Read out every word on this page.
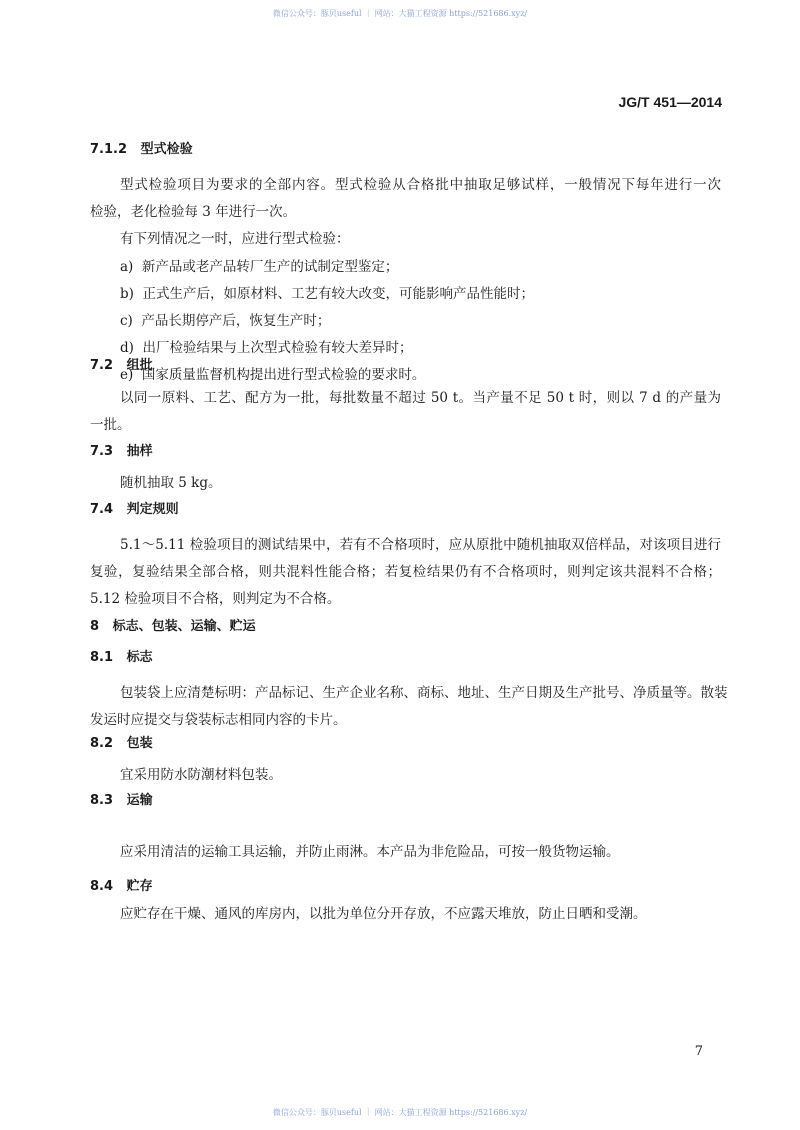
微信公众号：豚贝useful ｜ 网站：大猫工程资源 https://521686.xyz/
JG/T 451—2014
7.1.2 型式检验
型式检验项目为要求的全部内容。型式检验从合格批中抽取足够试样，一般情况下每年进行一次
检验，老化检验每 3 年进行一次。
有下列情况之一时，应进行型式检验：
a) 新产品或老产品转厂生产的试制定型鉴定；
b) 正式生产后，如原材料、工艺有较大改变，可能影响产品性能时；
c) 产品长期停产后，恢复生产时；
d) 出厂检验结果与上次型式检验有较大差异时；
e) 国家质量监督机构提出进行型式检验的要求时。
7.2 组批
以同一原料、工艺、配方为一批，每批数量不超过 50 t。当产量不足 50 t 时，则以 7 d 的产量为
一批。
7.3 抽样
随机抽取 5 kg。
7.4 判定规则
5.1～5.11 检验项目的测试结果中，若有不合格项时，应从原批中随机抽取双倍样品，对该项目进行
复验，复验结果全部合格，则共混料性能合格；若复检结果仍有不合格项时，则判定该共混料不合格；
5.12 检验项目不合格，则判定为不合格。
8 标志、包装、运输、贮运
8.1 标志
包装袋上应清楚标明：产品标记、生产企业名称、商标、地址、生产日期及生产批号、净质量等。散装
发运时应提交与袋装标志相同内容的卡片。
8.2 包装
宜采用防水防潮材料包装。
8.3 运输
应采用清洁的运输工具运输，并防止雨淋。本产品为非危险品，可按一般货物运输。
8.4 贮存
应贮存在干燥、通风的库房内，以批为单位分开存放，不应露天堆放，防止日晒和受潮。
7
微信公众号：豚贝useful ｜ 网站：大猫工程资源 https://521686.xyz/
